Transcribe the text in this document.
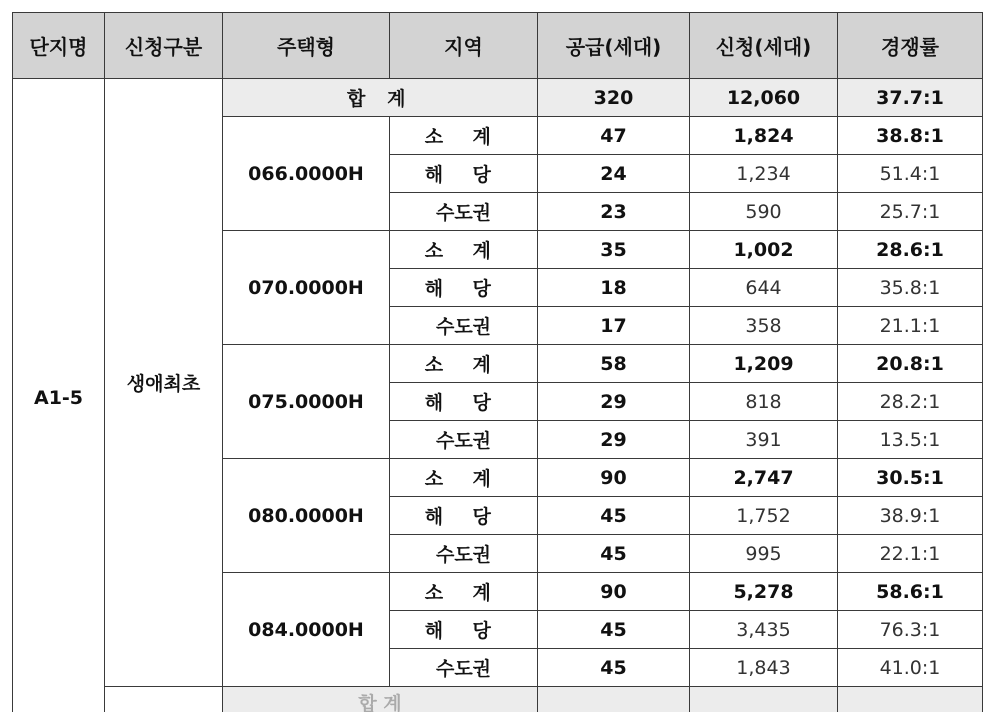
단지명	신청구분	주택형	지역	공급(세대)	신청(세대)	경쟁률
A1-5	생애최초	합 계		320	12,060	37.7:1
		066.0000H	소 계	47	1,824	38.8:1
			해 당	24	1,234	51.4:1
			수도권	23	590	25.7:1
		070.0000H	소 계	35	1,002	28.6:1
			해 당	18	644	35.8:1
			수도권	17	358	21.1:1
		075.0000H	소 계	58	1,209	20.8:1
			해 당	29	818	28.2:1
			수도권	29	391	13.5:1
		080.0000H	소 계	90	2,747	30.5:1
			해 당	45	1,752	38.9:1
			수도권	45	995	22.1:1
		084.0000H	소 계	90	5,278	58.6:1
			해 당	45	3,435	76.3:1
			수도권	45	1,843	41.0:1
		합 계				
